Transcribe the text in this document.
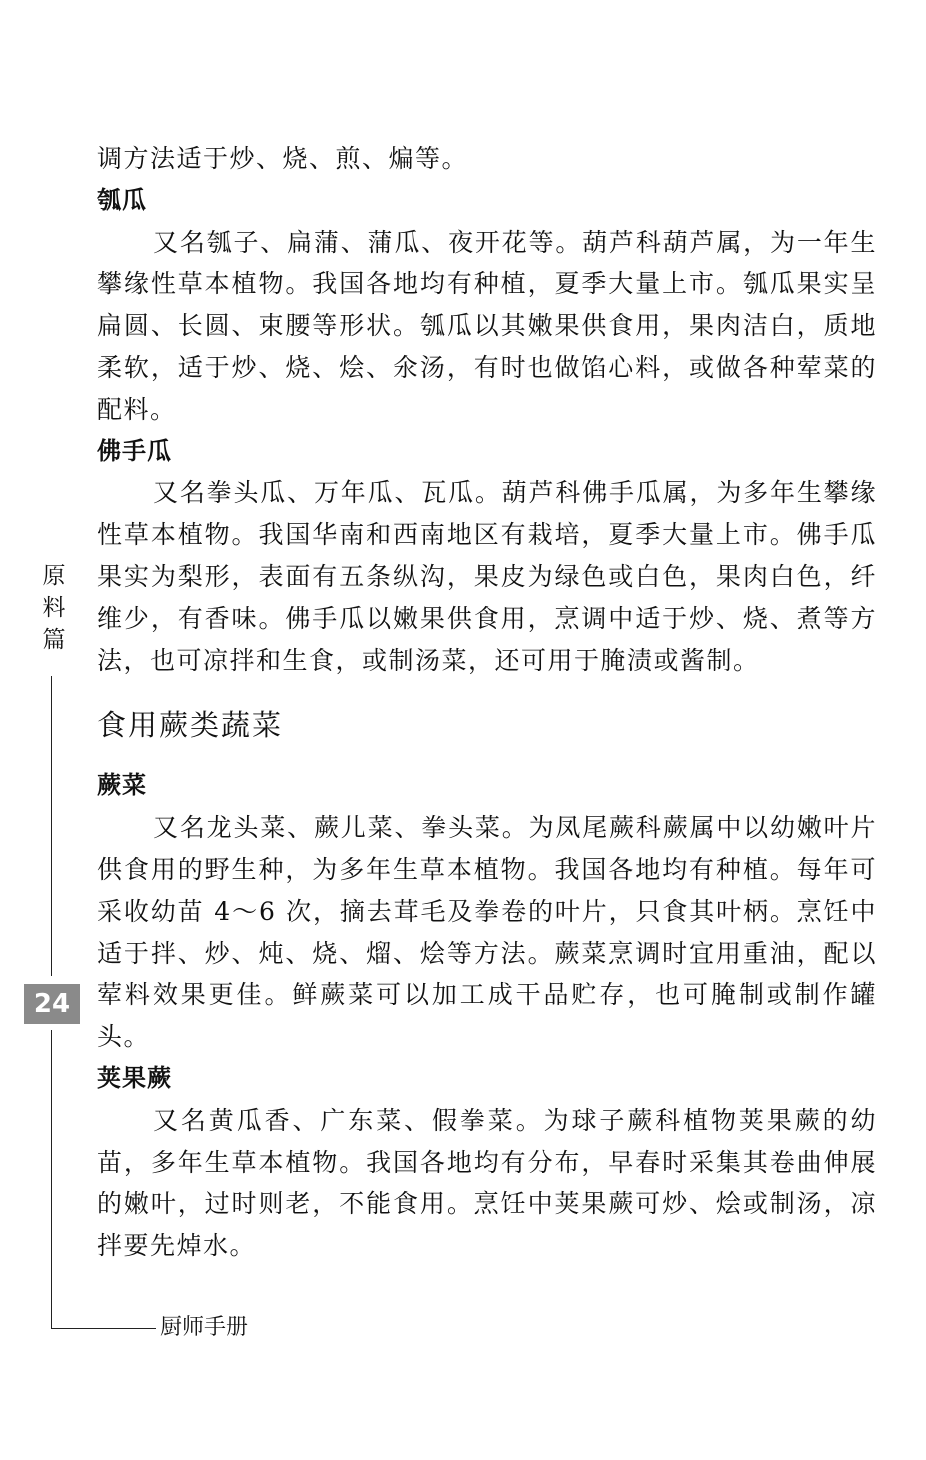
调方法适于炒、烧、煎、煸等。

瓠瓜

又名瓠子、扁蒲、蒲瓜、夜开花等。葫芦科葫芦属，为一年生攀缘性草本植物。我国各地均有种植，夏季大量上市。瓠瓜果实呈扁圆、长圆、束腰等形状。瓠瓜以其嫩果供食用，果肉洁白，质地柔软，适于炒、烧、烩、氽汤，有时也做馅心料，或做各种荤菜的配料。

佛手瓜

又名拳头瓜、万年瓜、瓦瓜。葫芦科佛手瓜属，为多年生攀缘性草本植物。我国华南和西南地区有栽培，夏季大量上市。佛手瓜果实为梨形，表面有五条纵沟，果皮为绿色或白色，果肉白色，纤维少，有香味。佛手瓜以嫩果供食用，烹调中适于炒、烧、煮等方法，也可凉拌和生食，或制汤菜，还可用于腌渍或酱制。

食用蕨类蔬菜

蕨菜

又名龙头菜、蕨儿菜、拳头菜。为凤尾蕨科蕨属中以幼嫩叶片供食用的野生种，为多年生草本植物。我国各地均有种植。每年可采收幼苗 4～6 次，摘去茸毛及拳卷的叶片，只食其叶柄。烹饪中适于拌、炒、炖、烧、熘、烩等方法。蕨菜烹调时宜用重油，配以荤料效果更佳。鲜蕨菜可以加工成干品贮存，也可腌制或制作罐头。

荚果蕨

又名黄瓜香、广东菜、假拳菜。为球子蕨科植物荚果蕨的幼苗，多年生草本植物。我国各地均有分布，早春时采集其卷曲伸展的嫩叶，过时则老，不能食用。烹饪中荚果蕨可炒、烩或制汤，凉拌要先焯水。

原
料
篇
24
厨师手册
